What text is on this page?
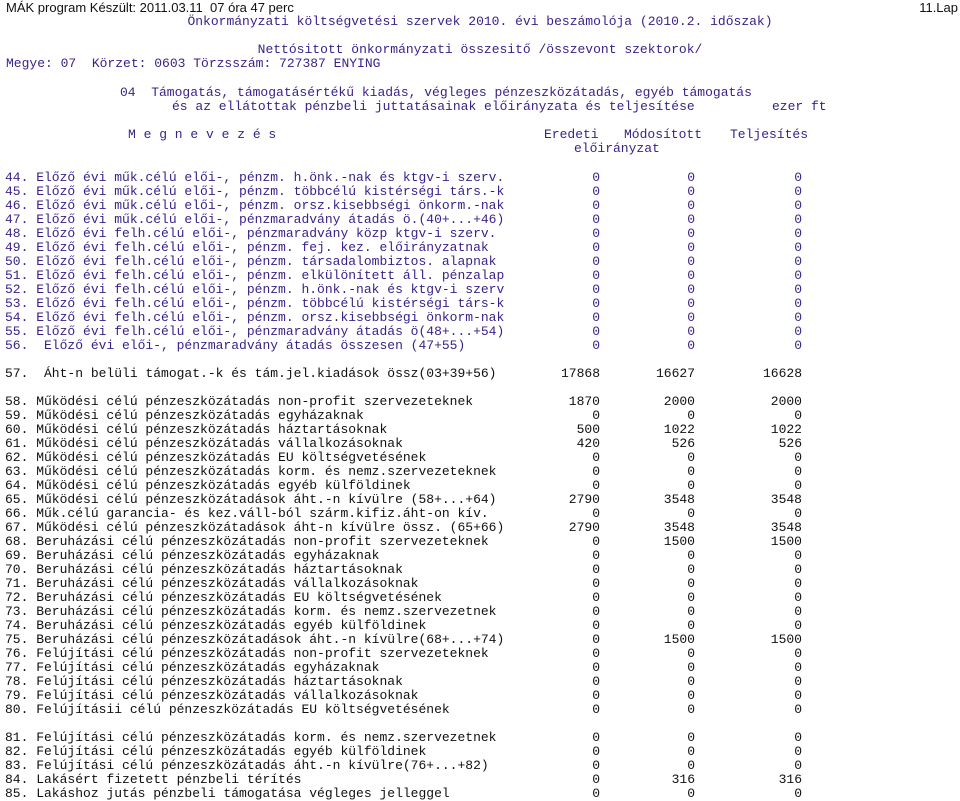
MÁK program Készült: 2011.03.11  07 óra 47 perc	11.Lap
Önkormányzati költségvetési szervek 2010. évi beszámolója (2010.2. időszak)
Nettósitott önkormányzati összesitő /összevont szektorok/
Megye: 07  Körzet: 0603 Törzsszám: 727387 ENYING
04  Támogatás, támogatásértékű kiadás, végleges pénzeszközátadás, egyéb támogatás
és az ellátottak pénzbeli juttatásainak előirányzata és teljesítése	ezer ft
M e g n e v e z é s	Eredeti Módosított Teljesítés
előirányzat
44. Előző évi műk.célú elői-, pénzm. h.önk.-nak és ktgv-i szerv.	0	0	0
45. Előző évi műk.célú elői-, pénzm. többcélú kistérségi társ.-k	0	0	0
46. Előző évi műk.célú elői-, pénzm. orsz.kisebbségi önkorm.-nak	0	0	0
47. Előző évi műk.célú elői-, pénzmaradvány átadás ö.(40+...+46)	0	0	0
48. Előző évi felh.célú elői-, pénzmaradvány közp ktgv-i szerv.	0	0	0
49. Előző évi felh.célú elői-, pénzm. fej. kez. előirányzatnak	0	0	0
50. Előző évi felh.célú elői-, pénzm. társadalombiztos. alapnak	0	0	0
51. Előző évi felh.célú elői-, pénzm. elkülönített áll. pénzalap	0	0	0
52. Előző évi felh.célú elői-, pénzm. h.önk.-nak és ktgv-i szerv	0	0	0
53. Előző évi felh.célú elői-, pénzm. többcélú kistérségi társ-k	0	0	0
54. Előző évi felh.célú elői-, pénzm. orsz.kisebbségi önkorm-nak	0	0	0
55. Előző évi felh.célú elői-, pénzmaradvány átadás ö(48+...+54)	0	0	0
56.  Előző évi elői-, pénzmaradvány átadás összesen (47+55)	0	0	0
57.  Áht-n belüli támogat.-k és tám.jel.kiadások össz(03+39+56)	17868	16627	16628
58. Működési célú pénzeszközátadás non-profit szervezeteknek	1870	2000	2000
59. Működési célú pénzeszközátadás egyházaknak	0	0	0
60. Működési célú pénzeszközátadás háztartásoknak	500	1022	1022
61. Működési célú pénzeszközátadás vállalkozásoknak	420	526	526
62. Működési célú pénzeszközátadás EU költségvetésének	0	0	0
63. Működési célú pénzeszközátadás korm. és nemz.szervezeteknek	0	0	0
64. Működési célú pénzeszközátadás egyéb külföldinek	0	0	0
65. Működési célú pénzeszközátadások áht.-n kívülre (58+...+64)	2790	3548	3548
66. Műk.célú garancia- és kez.váll-ból szárm.kifiz.áht-on kív.	0	0	0
67. Működési célú pénzeszközátadások áht-n kívülre össz. (65+66)	2790	3548	3548
68. Beruházási célú pénzeszközátadás non-profit szervezeteknek	0	1500	1500
69. Beruházási célú pénzeszközátadás egyházaknak	0	0	0
70. Beruházási célú pénzeszközátadás háztartásoknak	0	0	0
71. Beruházási célú pénzeszközátadás vállalkozásoknak	0	0	0
72. Beruházási célú pénzeszközátadás EU költségvetésének	0	0	0
73. Beruházási célú pénzeszközátadás korm. és nemz.szervezetnek	0	0	0
74. Beruházási célú pénzeszközátadás egyéb külföldinek	0	0	0
75. Beruházási célú pénzeszközátadások áht.-n kívülre(68+...+74)	0	1500	1500
76. Felújítási célú pénzeszközátadás non-profit szervezeteknek	0	0	0
77. Felújítási célú pénzeszközátadás egyházaknak	0	0	0
78. Felújítási célú pénzeszközátadás háztartásoknak	0	0	0
79. Felújítási célú pénzeszközátadás vállalkozásoknak	0	0	0
80. Felújításii célú pénzeszközátadás EU költségvetésének	0	0	0
81. Felújítási célú pénzeszközátadás korm. és nemz.szervezetnek	0	0	0
82. Felújítási célú pénzeszközátadás egyéb külföldinek	0	0	0
83. Felújítási célú pénzeszközátadás áht.-n kívülre(76+...+82)	0	0	0
84. Lakásért fizetett pénzbeli térítés	0	316	316
85. Lakáshoz jutás pénzbeli támogatása végleges jelleggel	0	0	0
